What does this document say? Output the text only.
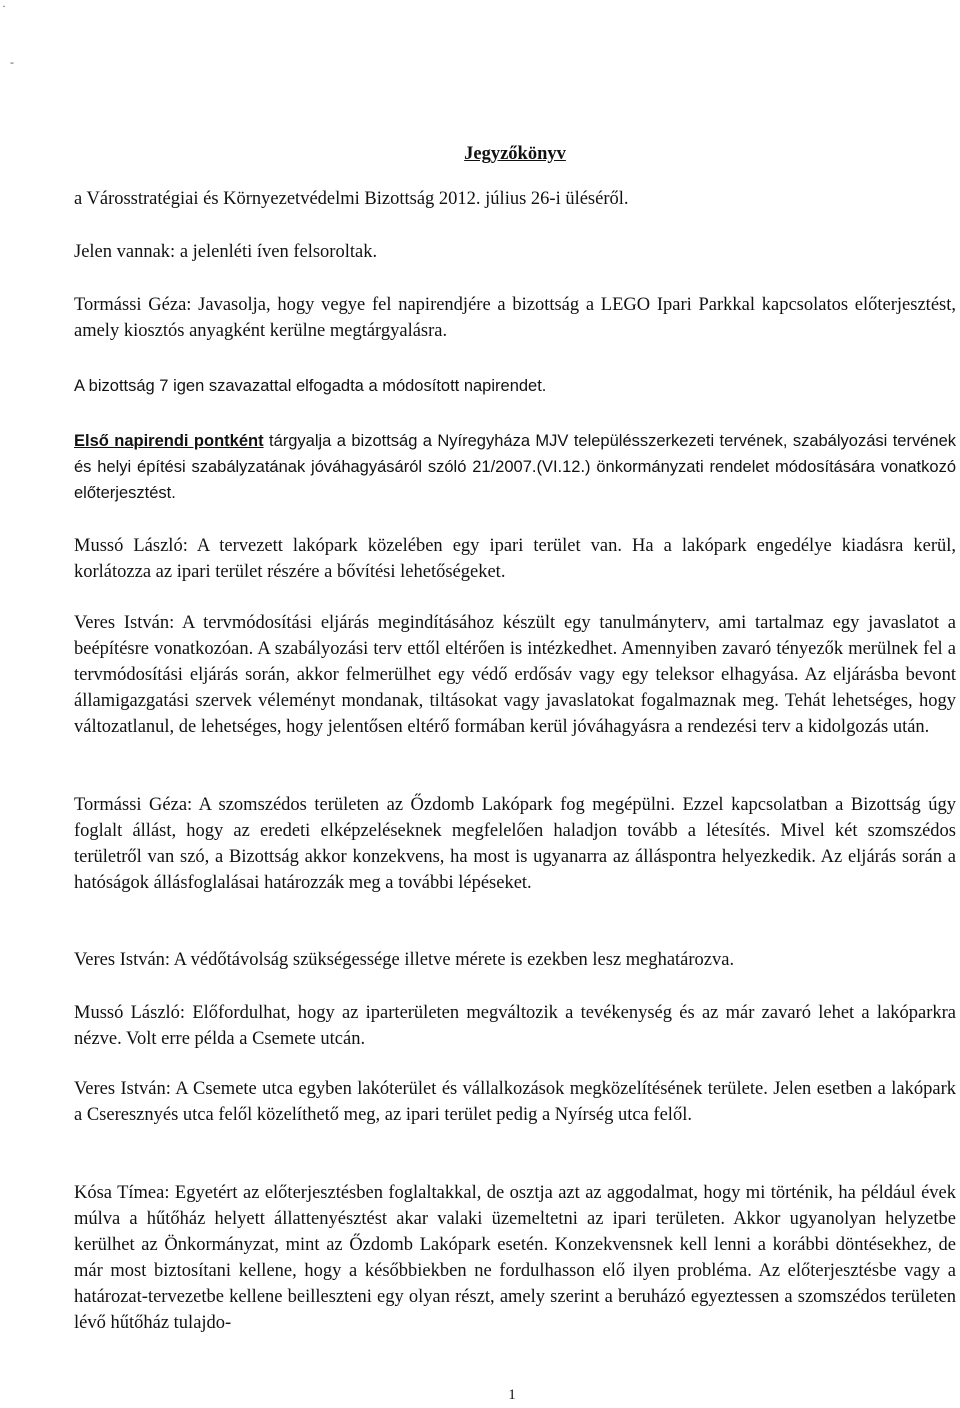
·
-
Jegyzőkönyv

a Városstratégiai és Környezetvédelmi Bizottság 2012. július 26-i üléséről.

Jelen vannak: a jelenléti íven felsoroltak.

Tormássi Géza: Javasolja, hogy vegye fel napirendjére a bizottság a LEGO Ipari Parkkal kapcsolatos előterjesztést, amely kiosztós anyagként kerülne megtárgyalásra.

A bizottság 7 igen szavazattal elfogadta a módosított napirendet.

Első napirendi pontként tárgyalja a bizottság a Nyíregyháza MJV településszerkezeti tervének, szabályozási tervének és helyi építési szabályzatának jóváhagyásáról szóló 21/2007.(VI.12.) önkormányzati rendelet módosítására vonatkozó előterjesztést.

Mussó László: A tervezett lakópark közelében egy ipari terület van. Ha a lakópark engedélye kiadásra kerül, korlátozza az ipari terület részére a bővítési lehetőségeket.

Veres István: A tervmódosítási eljárás megindításához készült egy tanulmányterv, ami tartalmaz egy javaslatot a beépítésre vonatkozóan. A szabályozási terv ettől eltérően is intézkedhet. Amennyiben zavaró tényezők merülnek fel a tervmódosítási eljárás során, akkor felmerülhet egy védő erdősáv vagy egy teleksor elhagyása. Az eljárásba bevont államigazgatási szervek véleményt mondanak, tiltásokat vagy javaslatokat fogalmaznak meg. Tehát lehetséges, hogy változatlanul, de lehetséges, hogy jelentősen eltérő formában kerül jóváhagyásra a rendezési terv a kidolgozás után.

Tormássi Géza: A szomszédos területen az Őzdomb Lakópark fog megépülni. Ezzel kapcsolatban a Bizottság úgy foglalt állást, hogy az eredeti elképzeléseknek megfelelően haladjon tovább a létesítés. Mivel két szomszédos területről van szó, a Bizottság akkor konzekvens, ha most is ugyanarra az álláspontra helyezkedik. Az eljárás során a hatóságok állásfoglalásai határozzák meg a további lépéseket.

Veres István: A védőtávolság szükségessége illetve mérete is ezekben lesz meghatározva.

Mussó László: Előfordulhat, hogy az iparterületen megváltozik a tevékenység és az már zavaró lehet a lakóparkra nézve. Volt erre példa a Csemete utcán.

Veres István: A Csemete utca egyben lakóterület és vállalkozások megközelítésének területe. Jelen esetben a lakópark a Cseresznyés utca felől közelíthető meg, az ipari terület pedig a Nyírség utca felől.

Kósa Tímea: Egyetért az előterjesztésben foglaltakkal, de osztja azt az aggodalmat, hogy mi történik, ha például évek múlva a hűtőház helyett állattenyésztést akar valaki üzemeltetni az ipari területen. Akkor ugyanolyan helyzetbe kerülhet az Önkormányzat, mint az Őzdomb Lakópark esetén. Konzekvensnek kell lenni a korábbi döntésekhez, de már most biztosítani kellene, hogy a későbbiekben ne fordulhasson elő ilyen probléma. Az előterjesztésbe vagy a határozat-tervezetbe kellene beilleszteni egy olyan részt, amely szerint a beruházó egyeztessen a szomszédos területen lévő hűtőház tulajdo-

1
